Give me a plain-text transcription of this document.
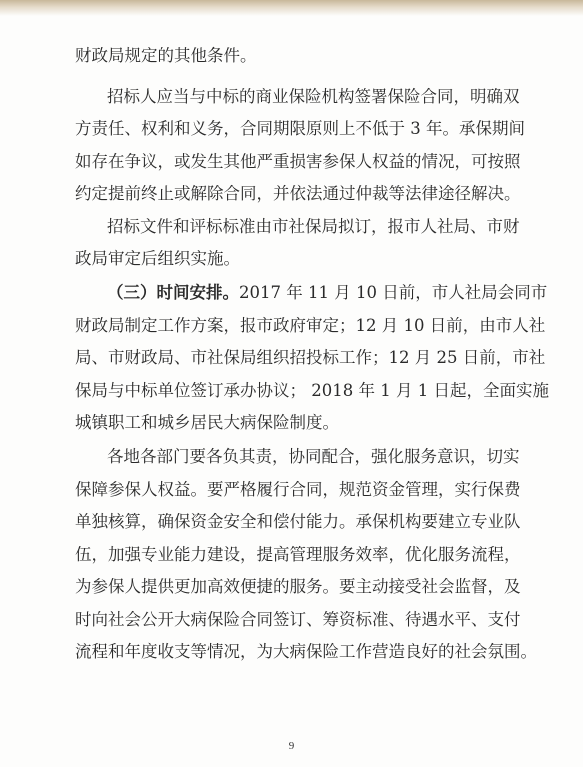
财政局规定的其他条件。
招标人应当与中标的商业保险机构签署保险合同，明确双
方责任、权利和义务，合同期限原则上不低于 3 年。承保期间
如存在争议，或发生其他严重损害参保人权益的情况，可按照
约定提前终止或解除合同，并依法通过仲裁等法律途径解决。
招标文件和评标标准由市社保局拟订，报市人社局、市财
政局审定后组织实施。
（三）时间安排。2017 年 11 月 10 日前，市人社局会同市
财政局制定工作方案，报市政府审定；12 月 10 日前，由市人社
局、市财政局、市社保局组织招投标工作；12 月 25 日前，市社
保局与中标单位签订承办协议； 2018 年 1 月 1 日起，全面实施
城镇职工和城乡居民大病保险制度。
各地各部门要各负其责，协同配合，强化服务意识，切实
保障参保人权益。要严格履行合同，规范资金管理，实行保费
单独核算，确保资金安全和偿付能力。承保机构要建立专业队
伍，加强专业能力建设，提高管理服务效率，优化服务流程，
为参保人提供更加高效便捷的服务。要主动接受社会监督，及
时向社会公开大病保险合同签订、筹资标准、待遇水平、支付
流程和年度收支等情况，为大病保险工作营造良好的社会氛围。
9
